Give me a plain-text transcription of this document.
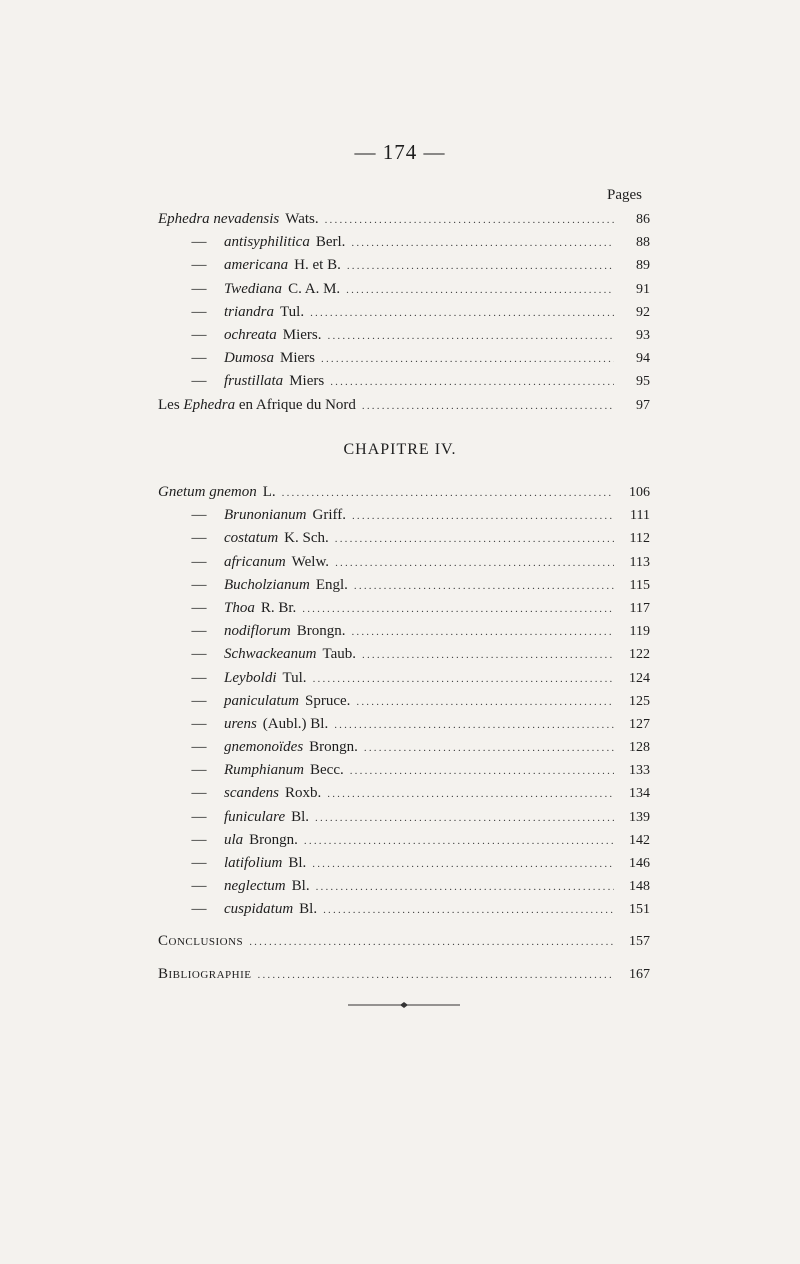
— 174 —
Pages
Ephedra nevadensis Wats. .....	86
—	antisyphilitica Berl. .....	88
—	americana H. et B. .....	89
—	Twediana C. A. M. .....	91
—	triandra Tul. .....	92
—	ochreata Miers. .....	93
—	Dumosa Miers .....	94
—	frustillata Miers .....	95
Les Ephedra en Afrique du Nord .....	97
CHAPITRE IV.
Gnetum gnemon L. .....	106
—	Brunonianum Griff. .....	111
—	costatum K. Sch. .....	112
—	africanum Welw. .....	113
—	Bucholzianum Engl. .....	115
—	Thoa R. Br. .....	117
—	nodiflorum Brongn. .....	119
—	Schwackeanum Taub. .....	122
—	Leyboldi Tul. .....	124
—	paniculatum Spruce. .....	125
—	urens (Aubl.) Bl. .....	127
—	gnemonoïdes Brongn. .....	128
—	Rumphianum Becc. .....	133
—	scandens Roxb. .....	134
—	funiculare Bl. .....	139
—	ula Brongn. .....	142
—	latifolium Bl. .....	146
—	neglectum Bl. .....	148
—	cuspidatum Bl. .....	151
Conclusions .....	157
Bibliographie .....	167
